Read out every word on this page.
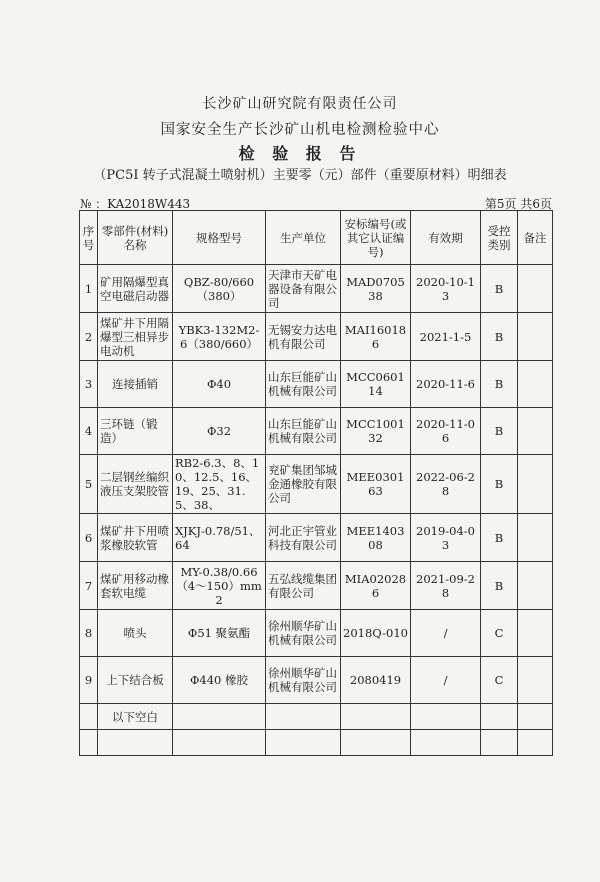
长沙矿山研究院有限责任公司
国家安全生产长沙矿山机电检测检验中心
检 验 报 告
（PC5I 转子式混凝土喷射机）主要零（元）部件（重要原材料）明细表
№ ：KA2018W443	第5页 共6页
序号	零部件(材料)名称	规格型号	生产单位	安标编号(或其它认证编号)	有效期	受控类别	备注
1	矿用隔爆型真空电磁启动器	QBZ-80/660（380）	天津市天矿电器设备有限公司	MAD070538	2020-10-13	B	
2	煤矿井下用隔爆型三相异步电动机	YBK3-132M2-6（380/660）	无锡安力达电机有限公司	MAI160186	2021-1-5	B	
3	连接插销	Φ40	山东巨能矿山机械有限公司	MCC060114	2020-11-6	B	
4	三环链（锻造）	Φ32	山东巨能矿山机械有限公司	MCC100132	2020-11-06	B	
5	二层钢丝编织液压支架胶管	RB2-6.3、8、10、12.5、16、19、25、31.5、38、	兖矿集团邹城金通橡胶有限公司	MEE030163	2022-06-28	B	
6	煤矿井下用喷浆橡胶软管	XJKJ-0.78/51、64	河北正宇管业科技有限公司	MEE140308	2019-04-03	B	
7	煤矿用移动橡套软电缆	MY-0.38/0.66（4～150）mm2	五弘线缆集团有限公司	MIA020286	2021-09-28	B	
8	喷头	Φ51 聚氨酯	徐州顺华矿山机械有限公司	2018Q-010	/	C	
9	上下结合板	Φ440 橡胶	徐州顺华矿山机械有限公司	2080419	/	C	
	以下空白						
